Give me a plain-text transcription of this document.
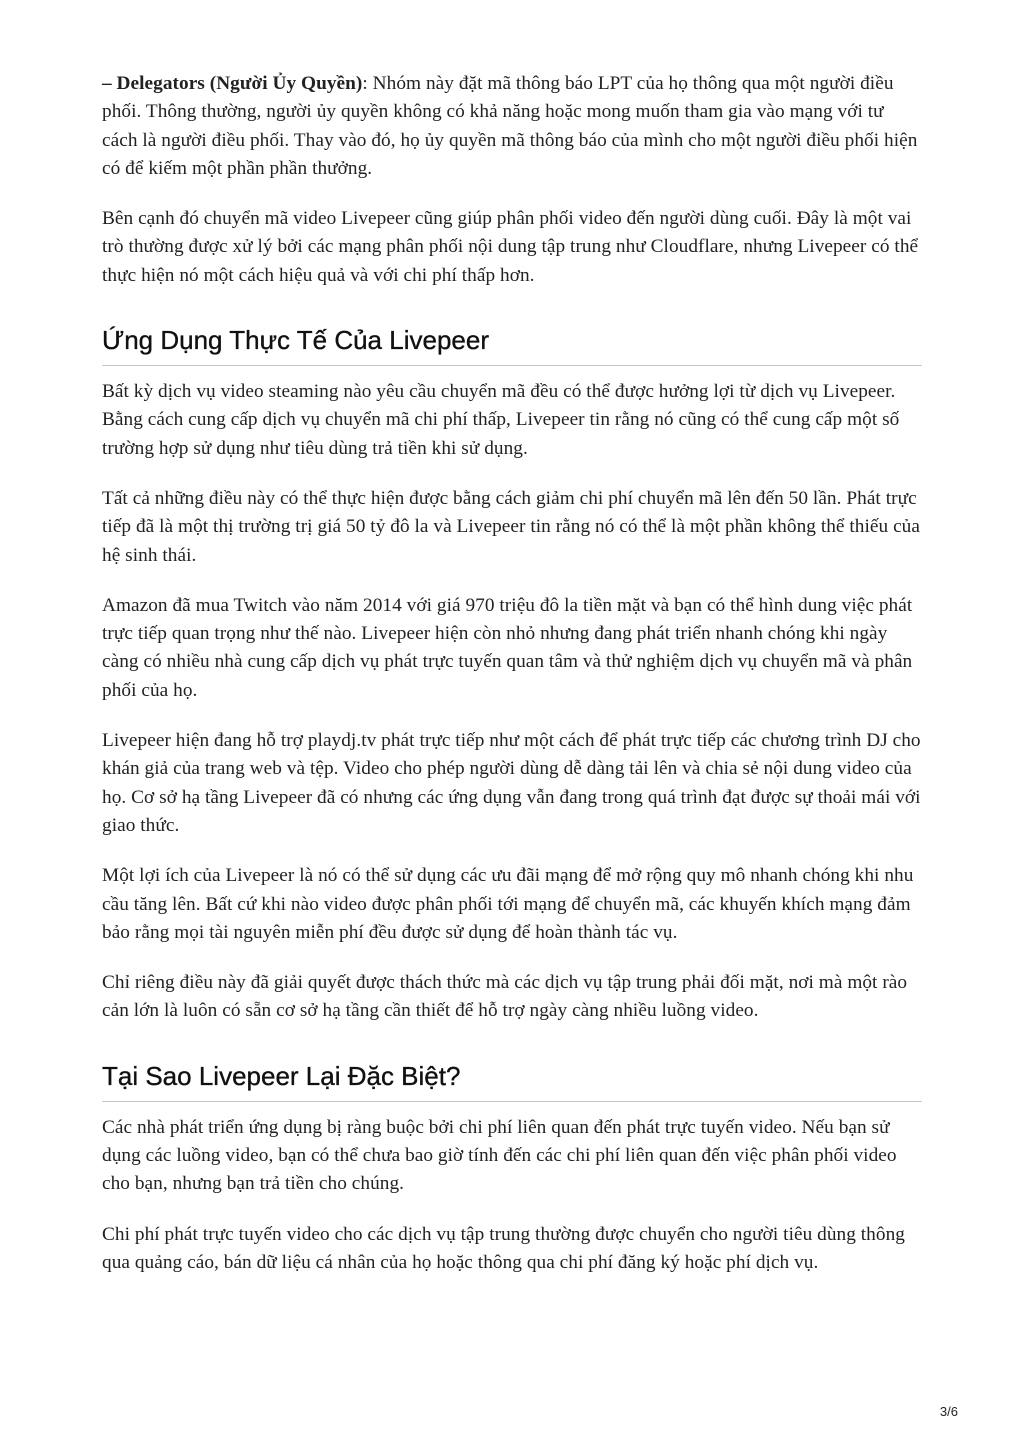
– Delegators (Người Ủy Quyền): Nhóm này đặt mã thông báo LPT của họ thông qua một người điều phối. Thông thường, người ủy quyền không có khả năng hoặc mong muốn tham gia vào mạng với tư cách là người điều phối. Thay vào đó, họ ủy quyền mã thông báo của mình cho một người điều phối hiện có để kiếm một phần phần thưởng.

Bên cạnh đó chuyển mã video Livepeer cũng giúp phân phối video đến người dùng cuối. Đây là một vai trò thường được xử lý bởi các mạng phân phối nội dung tập trung như Cloudflare, nhưng Livepeer có thể thực hiện nó một cách hiệu quả và với chi phí thấp hơn.

Ứng Dụng Thực Tế Của Livepeer

Bất kỳ dịch vụ video steaming nào yêu cầu chuyển mã đều có thể được hưởng lợi từ dịch vụ Livepeer. Bằng cách cung cấp dịch vụ chuyển mã chi phí thấp, Livepeer tin rằng nó cũng có thể cung cấp một số trường hợp sử dụng như tiêu dùng trả tiền khi sử dụng.

Tất cả những điều này có thể thực hiện được bằng cách giảm chi phí chuyển mã lên đến 50 lần. Phát trực tiếp đã là một thị trường trị giá 50 tỷ đô la và Livepeer tin rằng nó có thể là một phần không thể thiếu của hệ sinh thái.

Amazon đã mua Twitch vào năm 2014 với giá 970 triệu đô la tiền mặt và bạn có thể hình dung việc phát trực tiếp quan trọng như thế nào. Livepeer hiện còn nhỏ nhưng đang phát triển nhanh chóng khi ngày càng có nhiều nhà cung cấp dịch vụ phát trực tuyến quan tâm và thử nghiệm dịch vụ chuyển mã và phân phối của họ.

Livepeer hiện đang hỗ trợ playdj.tv phát trực tiếp như một cách để phát trực tiếp các chương trình DJ cho khán giả của trang web và tệp. Video cho phép người dùng dễ dàng tải lên và chia sẻ nội dung video của họ. Cơ sở hạ tầng Livepeer đã có nhưng các ứng dụng vẫn đang trong quá trình đạt được sự thoải mái với giao thức.

Một lợi ích của Livepeer là nó có thể sử dụng các ưu đãi mạng để mở rộng quy mô nhanh chóng khi nhu cầu tăng lên. Bất cứ khi nào video được phân phối tới mạng để chuyển mã, các khuyến khích mạng đảm bảo rằng mọi tài nguyên miễn phí đều được sử dụng để hoàn thành tác vụ.

Chỉ riêng điều này đã giải quyết được thách thức mà các dịch vụ tập trung phải đối mặt, nơi mà một rào cản lớn là luôn có sẵn cơ sở hạ tầng cần thiết để hỗ trợ ngày càng nhiều luồng video.

Tại Sao Livepeer Lại Đặc Biệt?

Các nhà phát triển ứng dụng bị ràng buộc bởi chi phí liên quan đến phát trực tuyến video. Nếu bạn sử dụng các luồng video, bạn có thể chưa bao giờ tính đến các chi phí liên quan đến việc phân phối video cho bạn, nhưng bạn trả tiền cho chúng.

Chi phí phát trực tuyến video cho các dịch vụ tập trung thường được chuyển cho người tiêu dùng thông qua quảng cáo, bán dữ liệu cá nhân của họ hoặc thông qua chi phí đăng ký hoặc phí dịch vụ.

3/6
